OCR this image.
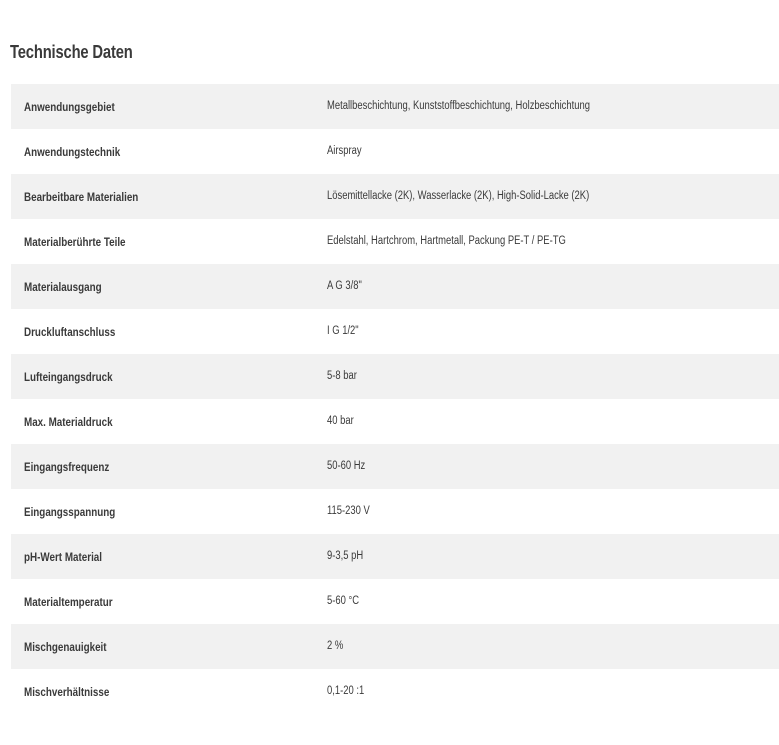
Technische Daten
Anwendungsgebiet	Metallbeschichtung, Kunststoffbeschichtung, Holzbeschichtung
Anwendungstechnik	Airspray
Bearbeitbare Materialien	Lösemittellacke (2K), Wasserlacke (2K), High-Solid-Lacke (2K)
Materialberührte Teile	Edelstahl, Hartchrom, Hartmetall, Packung PE-T / PE-TG
Materialausgang	A G 3/8"
Druckluftanschluss	I G 1/2"
Lufteingangsdruck	5-8 bar
Max. Materialdruck	40 bar
Eingangsfrequenz	50-60 Hz
Eingangsspannung	115-230 V
pH-Wert Material	9-3,5 pH
Materialtemperatur	5-60 °C
Mischgenauigkeit	2 %
Mischverhältnisse	0,1-20 :1
